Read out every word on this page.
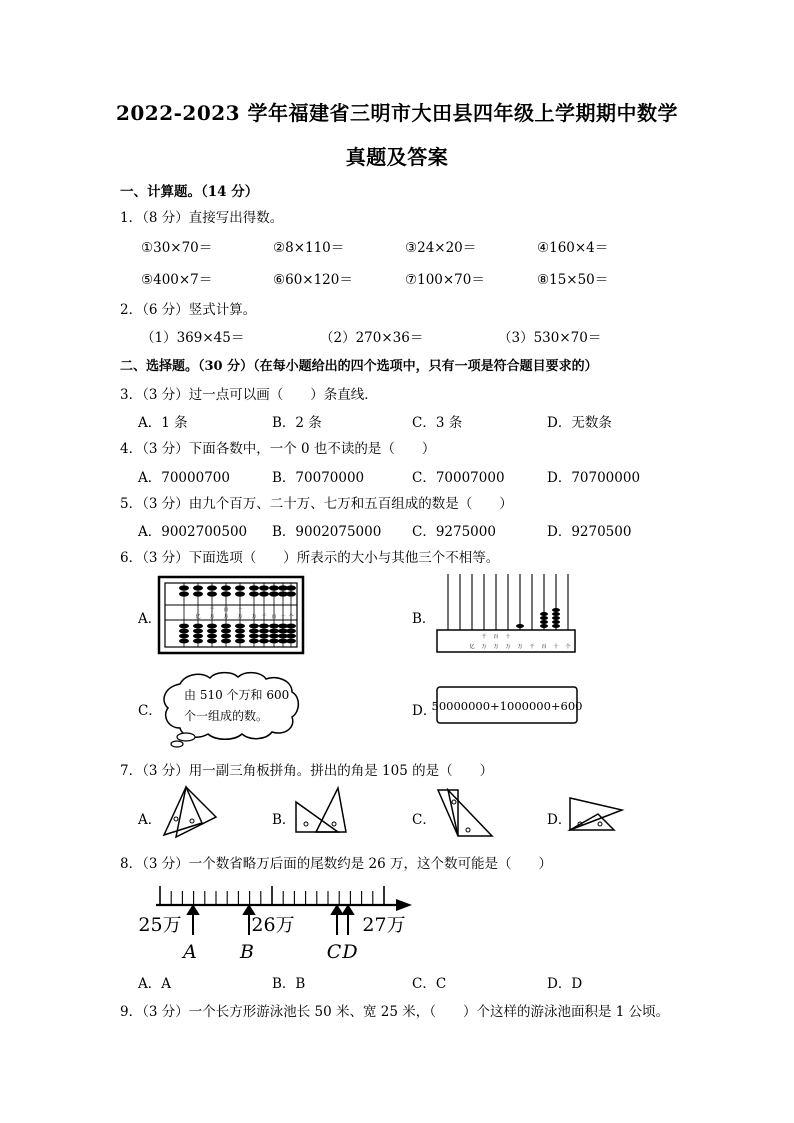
2022-2023 学年福建省三明市大田县四年级上学期期中数学
真题及答案
一、计算题。（14 分）
1．（8 分）直接写出得数。
①30×70＝	②8×110＝	③24×20＝	④160×4＝
⑤400×7＝	⑥60×120＝	⑦100×70＝	⑧15×50＝
2．（6 分）竖式计算。
（1）369×45＝	（2）270×36＝	（3）530×70＝
二、选择题。（30 分）（在每小题给出的四个选项中，只有一项是符合题目要求的）
3．（3 分）过一点可以画（　　）条直线．
A．1 条	B．2 条	C．3 条	D．无数条
4．（3 分）下面各数中，一个 0 也不读的是（　　）
A．70000700	B．70070000	C．70007000	D．70700000
5．（3 分）由九个百万、二十万、七万和五百组成的数是（　　）
A．9002700500 B．9002075000 C．9275000	D．9270500
6．（3 分）下面选项（　　）所表示的大小与其他三个不相等。
A．
千 百 十
亿 万 万 万 万 千 百 十 个	B．
千 百 十
亿 万 万 万 万 千 百 十 个
C．
由 510 个万和 600
个一组成的数。	D．
50000000+1000000+600
7．（3 分）用一副三角板拼角。拼出的角是 105 的是（　　）
A．	B．	C．	D．
8．（3 分）一个数省略万后面的尾数约是 26 万，这个数可能是（　　）
25万	26万	27万
A B	C D
A．A	B．B	C．C	D．D
9．（3 分）一个长方形游泳池长 50 米、宽 25 米，（　　）个这样的游泳池面积是 1 公顷。
